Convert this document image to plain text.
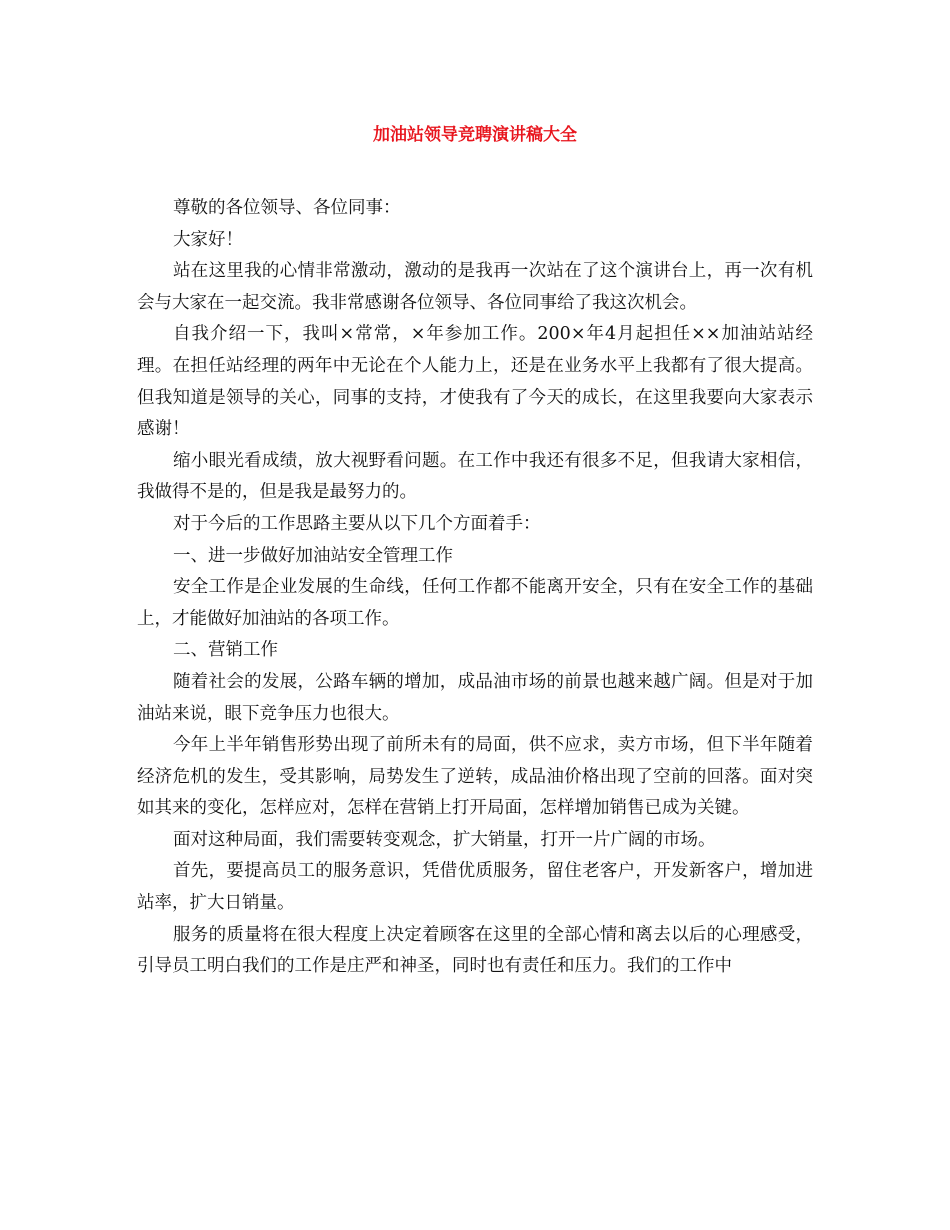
加油站领导竞聘演讲稿大全

尊敬的各位领导、各位同事：

大家好！

站在这里我的心情非常激动，激动的是我再一次站在了这个演讲台上，再一次有机会与大家在一起交流。我非常感谢各位领导、各位同事给了我这次机会。

自我介绍一下，我叫×常常，×年参加工作。200×年4月起担任××加油站站经理。在担任站经理的两年中无论在个人能力上，还是在业务水平上我都有了很大提高。但我知道是领导的关心，同事的支持，才使我有了今天的成长，在这里我要向大家表示感谢！

缩小眼光看成绩，放大视野看问题。在工作中我还有很多不足，但我请大家相信，我做得不是的，但是我是最努力的。

对于今后的工作思路主要从以下几个方面着手：

一、进一步做好加油站安全管理工作

安全工作是企业发展的生命线，任何工作都不能离开安全，只有在安全工作的基础上，才能做好加油站的各项工作。

二、营销工作

随着社会的发展，公路车辆的增加，成品油市场的前景也越来越广阔。但是对于加油站来说，眼下竞争压力也很大。

今年上半年销售形势出现了前所未有的局面，供不应求，卖方市场，但下半年随着经济危机的发生，受其影响，局势发生了逆转，成品油价格出现了空前的回落。面对突如其来的变化，怎样应对，怎样在营销上打开局面，怎样增加销售已成为关键。

面对这种局面，我们需要转变观念，扩大销量，打开一片广阔的市场。

首先，要提高员工的服务意识，凭借优质服务，留住老客户，开发新客户，增加进站率，扩大日销量。

服务的质量将在很大程度上决定着顾客在这里的全部心情和离去以后的心理感受，引导员工明白我们的工作是庄严和神圣，同时也有责任和压力。我们的工作中
